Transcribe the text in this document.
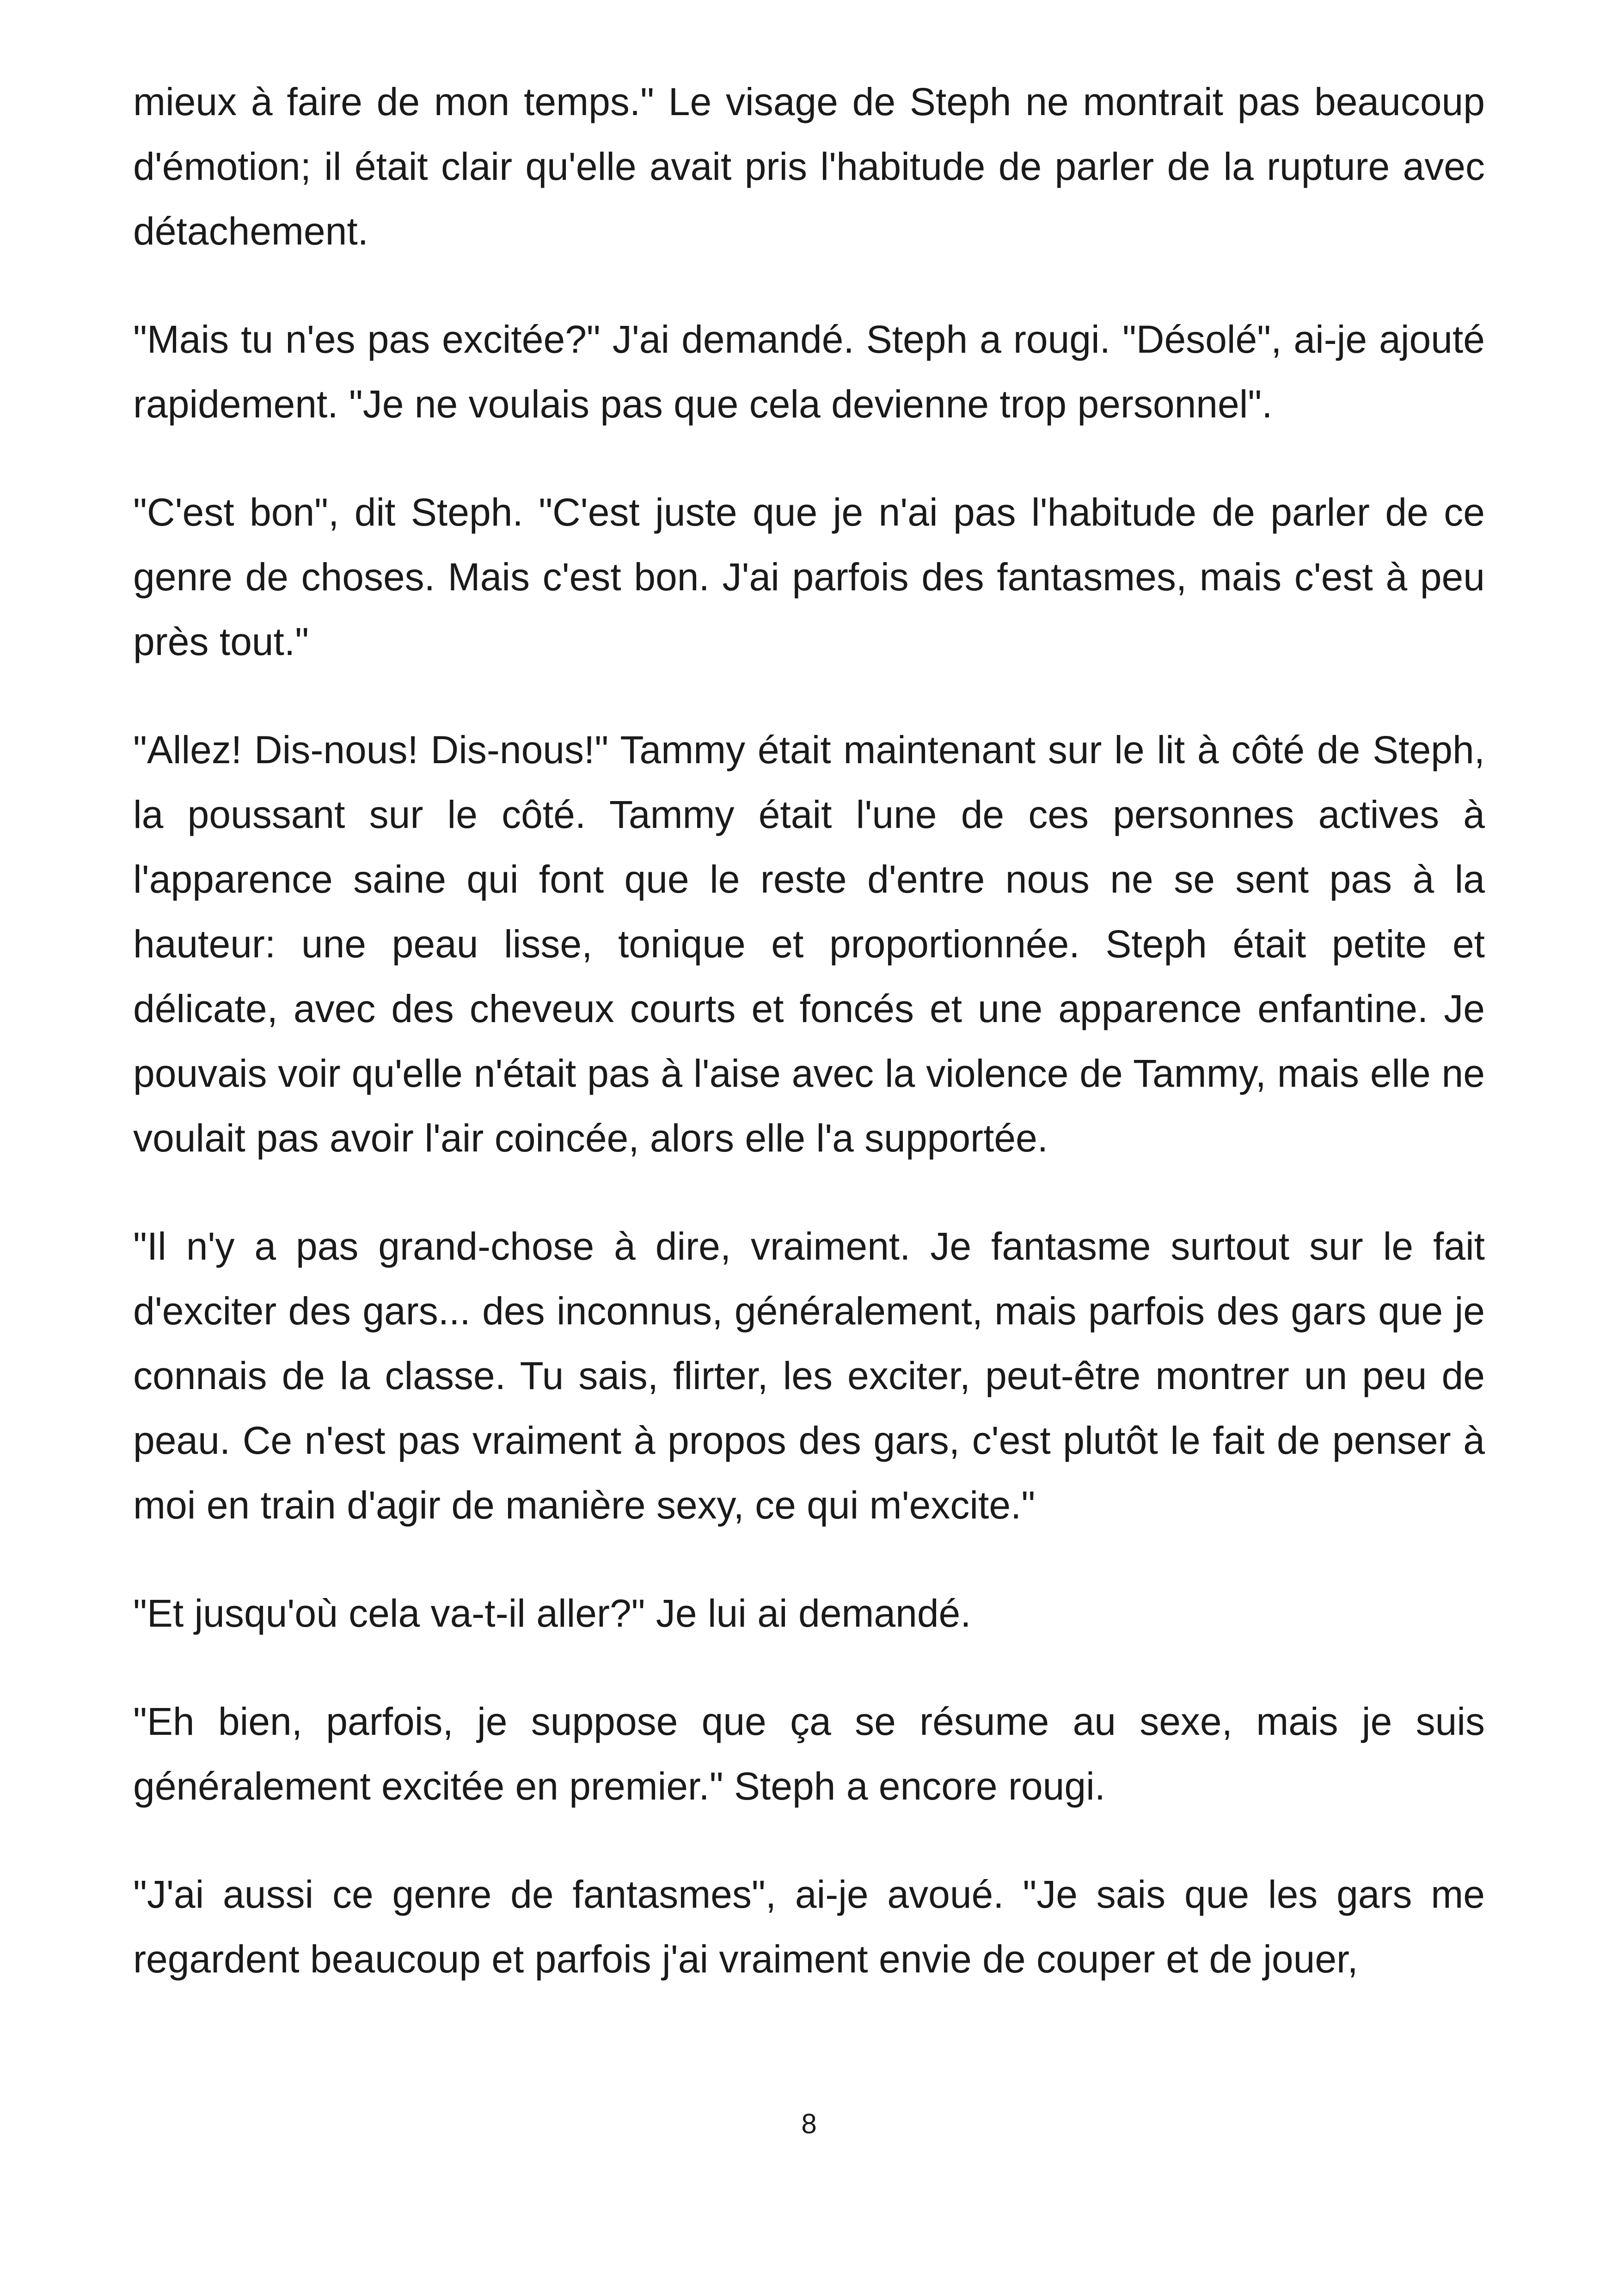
mieux à faire de mon temps." Le visage de Steph ne montrait pas beaucoup d'émotion; il était clair qu'elle avait pris l'habitude de parler de la rupture avec détachement.

"Mais tu n'es pas excitée?" J'ai demandé. Steph a rougi. "Désolé", ai-je ajouté rapidement. "Je ne voulais pas que cela devienne trop personnel".

"C'est bon", dit Steph. "C'est juste que je n'ai pas l'habitude de parler de ce genre de choses. Mais c'est bon. J'ai parfois des fantasmes, mais c'est à peu près tout."

"Allez! Dis-nous! Dis-nous!" Tammy était maintenant sur le lit à côté de Steph, la poussant sur le côté. Tammy était l'une de ces personnes actives à l'apparence saine qui font que le reste d'entre nous ne se sent pas à la hauteur: une peau lisse, tonique et proportionnée. Steph était petite et délicate, avec des cheveux courts et foncés et une apparence enfantine. Je pouvais voir qu'elle n'était pas à l'aise avec la violence de Tammy, mais elle ne voulait pas avoir l'air coincée, alors elle l'a supportée.

"Il n'y a pas grand-chose à dire, vraiment. Je fantasme surtout sur le fait d'exciter des gars... des inconnus, généralement, mais parfois des gars que je connais de la classe. Tu sais, flirter, les exciter, peut-être montrer un peu de peau. Ce n'est pas vraiment à propos des gars, c'est plutôt le fait de penser à moi en train d'agir de manière sexy, ce qui m'excite."

"Et jusqu'où cela va-t-il aller?" Je lui ai demandé.

"Eh bien, parfois, je suppose que ça se résume au sexe, mais je suis généralement excitée en premier." Steph a encore rougi.

"J'ai aussi ce genre de fantasmes", ai-je avoué. "Je sais que les gars me regardent beaucoup et parfois j'ai vraiment envie de couper et de jouer,

8
